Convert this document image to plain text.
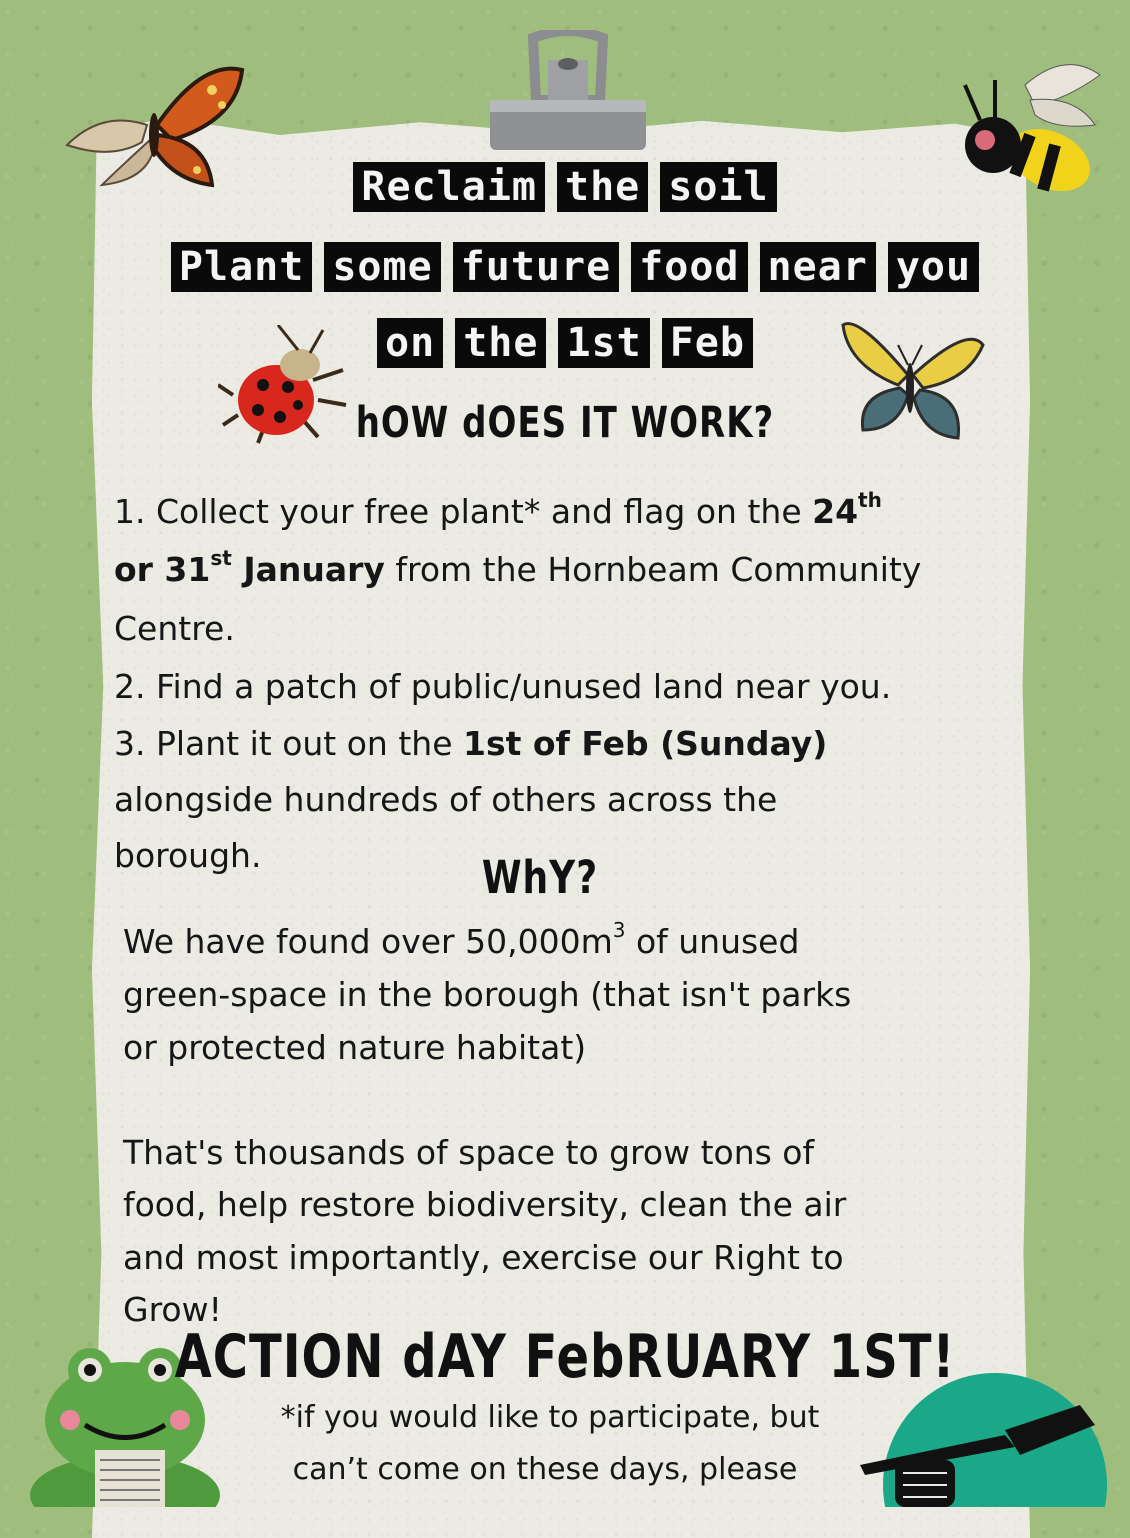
Reclaim the soil
Plant some future food near you
on the 1st Feb
hOW dOES IT WORK?
1. Collect your free plant* and flag on the 24th
or 31st January from the Hornbeam Community
Centre.
2. Find a patch of public/unused land near you.
3. Plant it out on the 1st of Feb (Sunday)
alongside hundreds of others across the
borough.	WhY?
We have found over $50,000m^3$ of unused
green-space in the borough (that isn't parks
or protected nature habitat)
That's thousands of space to grow tons of
food, help restore biodiversity, clean the air
and most importantly, exercise our Right to
Grow!
ACTION dAY FebRUARY 1ST!
*if you would like to participate, but
can’t come on these days, please
